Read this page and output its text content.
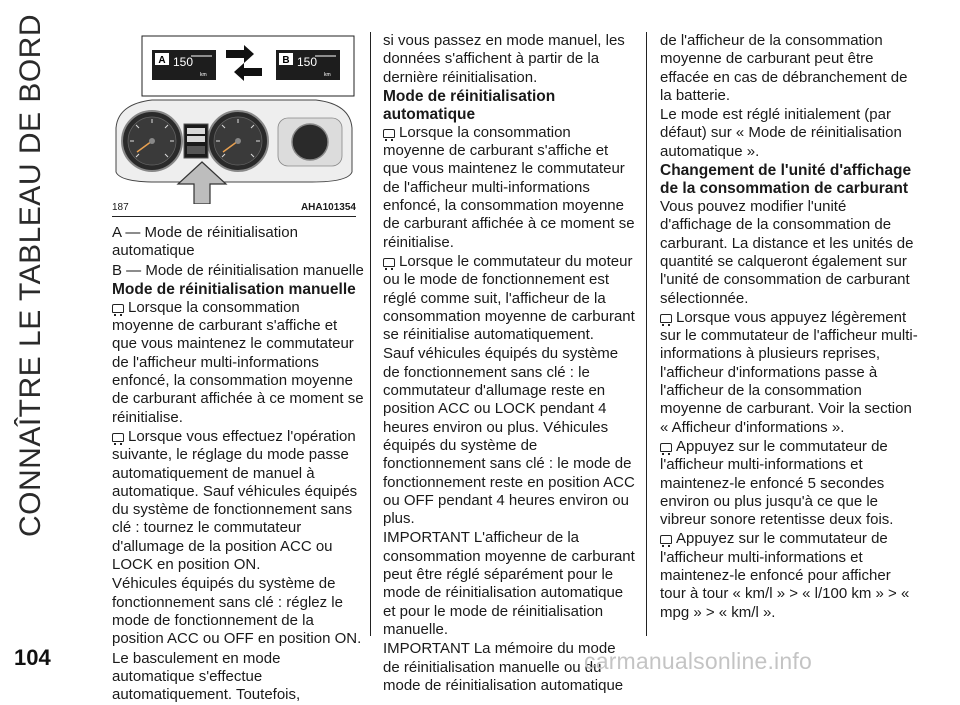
CONNAÎTRE LE TABLEAU DE BORD	A 150
km
B 150
km
187	AHA101354

A — Mode de réinitialisation automatique

B — Mode de réinitialisation manuelle

Mode de réinitialisation manuelle

Lorsque la consommation moyenne de carburant s'affiche et que vous maintenez le commutateur de l'afficheur multi-informations enfoncé, la consommation moyenne de carburant affichée à ce moment se réinitialise.

Lorsque vous effectuez l'opération suivante, le réglage du mode passe automatiquement de manuel à automatique. Sauf véhicules équipés du système de fonctionnement sans clé : tournez le commutateur d'allumage de la position ACC ou LOCK en position ON.

Véhicules équipés du système de fonctionnement sans clé : réglez le mode de fonctionnement de la position ACC ou OFF en position ON.

Le basculement en mode automatique s'effectue automatiquement. Toutefois,

si vous passez en mode manuel, les données s'affichent à partir de la dernière réinitialisation.

Mode de réinitialisation automatique

Lorsque la consommation moyenne de carburant s'affiche et que vous maintenez le commutateur de l'afficheur multi-informations enfoncé, la consommation moyenne de carburant affichée à ce moment se réinitialise.

Lorsque le commutateur du moteur ou le mode de fonctionnement est réglé comme suit, l'afficheur de la consommation moyenne de carburant se réinitialise automatiquement.

Sauf véhicules équipés du système de fonctionnement sans clé : le commutateur d'allumage reste en position ACC ou LOCK pendant 4 heures environ ou plus. Véhicules équipés du système de fonctionnement sans clé : le mode de fonctionnement reste en position ACC ou OFF pendant 4 heures environ ou plus.

IMPORTANT L'afficheur de la consommation moyenne de carburant peut être réglé séparément pour le mode de réinitialisation automatique et pour le mode de réinitialisation manuelle.

IMPORTANT La mémoire du mode de réinitialisation manuelle ou du mode de réinitialisation automatique

de l'afficheur de la consommation moyenne de carburant peut être effacée en cas de débranchement de la batterie.

Le mode est réglé initialement (par défaut) sur « Mode de réinitialisation automatique ».

Changement de l'unité d'affichage de la consommation de carburant

Vous pouvez modifier l'unité d'affichage de la consommation de carburant. La distance et les unités de quantité se calqueront également sur l'unité de consommation de carburant sélectionnée.

Lorsque vous appuyez légèrement sur le commutateur de l'afficheur multi-informations à plusieurs reprises, l'afficheur d'informations passe à l'afficheur de la consommation moyenne de carburant. Voir la section « Afficheur d'informations ».

Appuyez sur le commutateur de l'afficheur multi-informations et maintenez-le enfoncé 5 secondes environ ou plus jusqu'à ce que le vibreur sonore retentisse deux fois.

Appuyez sur le commutateur de l'afficheur multi-informations et maintenez-le enfoncé pour afficher tour à tour « km/l » > « l/100 km » > « mpg » > « km/l ».

104	carmanualsonline.info
